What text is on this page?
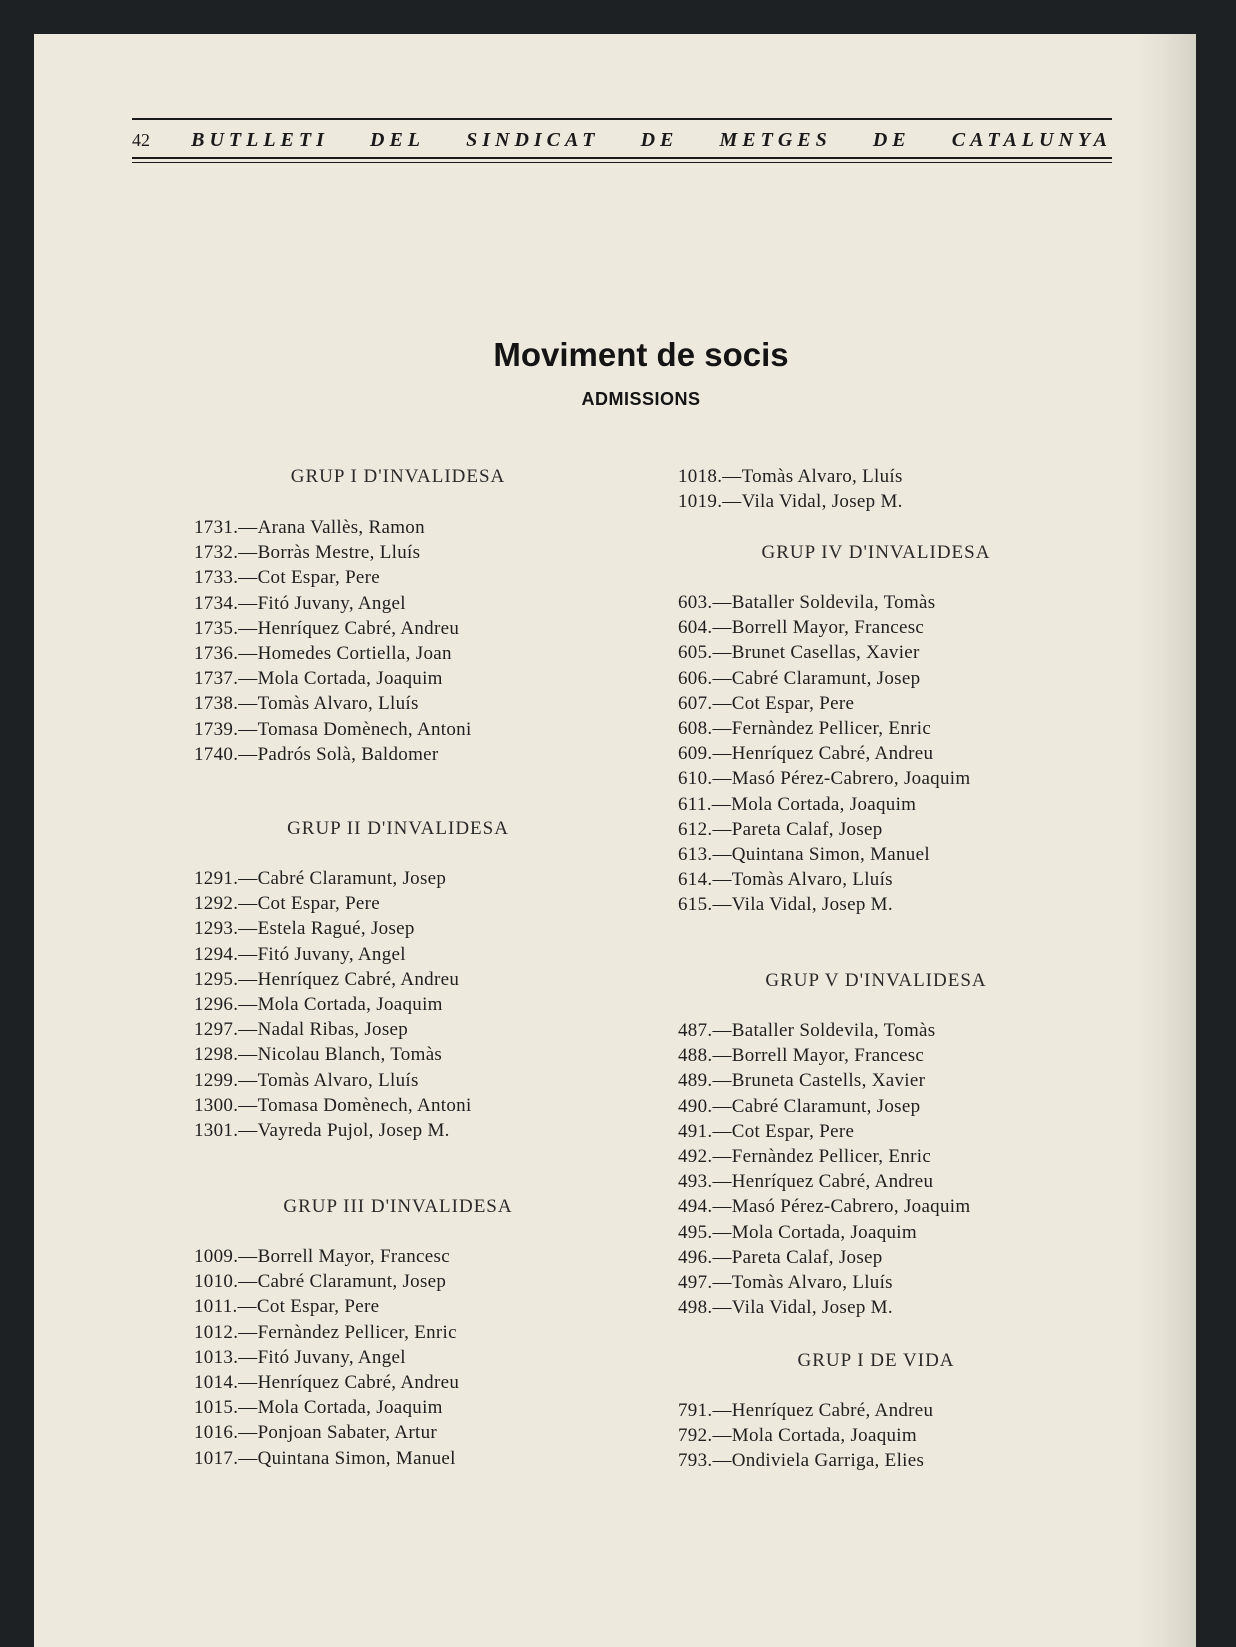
42 BUTLLETI DEL SINDICAT DE METGES DE CATALUNYA
Moviment de socis
ADMISSIONS
GRUP I D'INVALIDESA
1731.—Arana Vallès, Ramon
1732.—Borràs Mestre, Lluís
1733.—Cot Espar, Pere
1734.—Fitó Juvany, Angel
1735.—Henríquez Cabré, Andreu
1736.—Homedes Cortiella, Joan
1737.—Mola Cortada, Joaquim
1738.—Tomàs Alvaro, Lluís
1739.—Tomasa Domènech, Antoni
1740.—Padrós Solà, Baldomer
GRUP II D'INVALIDESA
1291.—Cabré Claramunt, Josep
1292.—Cot Espar, Pere
1293.—Estela Ragué, Josep
1294.—Fitó Juvany, Angel
1295.—Henríquez Cabré, Andreu
1296.—Mola Cortada, Joaquim
1297.—Nadal Ribas, Josep
1298.—Nicolau Blanch, Tomàs
1299.—Tomàs Alvaro, Lluís
1300.—Tomasa Domènech, Antoni
1301.—Vayreda Pujol, Josep M.
GRUP III D'INVALIDESA
1009.—Borrell Mayor, Francesc
1010.—Cabré Claramunt, Josep
1011.—Cot Espar, Pere
1012.—Fernàndez Pellicer, Enric
1013.—Fitó Juvany, Angel
1014.—Henríquez Cabré, Andreu
1015.—Mola Cortada, Joaquim
1016.—Ponjoan Sabater, Artur
1017.—Quintana Simon, Manuel
1018.—Tomàs Alvaro, Lluís
1019.—Vila Vidal, Josep M.
GRUP IV D'INVALIDESA
603.—Bataller Soldevila, Tomàs
604.—Borrell Mayor, Francesc
605.—Brunet Casellas, Xavier
606.—Cabré Claramunt, Josep
607.—Cot Espar, Pere
608.—Fernàndez Pellicer, Enric
609.—Henríquez Cabré, Andreu
610.—Masó Pérez-Cabrero, Joaquim
611.—Mola Cortada, Joaquim
612.—Pareta Calaf, Josep
613.—Quintana Simon, Manuel
614.—Tomàs Alvaro, Lluís
615.—Vila Vidal, Josep M.
GRUP V D'INVALIDESA
487.—Bataller Soldevila, Tomàs
488.—Borrell Mayor, Francesc
489.—Bruneta Castells, Xavier
490.—Cabré Claramunt, Josep
491.—Cot Espar, Pere
492.—Fernàndez Pellicer, Enric
493.—Henríquez Cabré, Andreu
494.—Masó Pérez-Cabrero, Joaquim
495.—Mola Cortada, Joaquim
496.—Pareta Calaf, Josep
497.—Tomàs Alvaro, Lluís
498.—Vila Vidal, Josep M.
GRUP I DE VIDA
791.—Henríquez Cabré, Andreu
792.—Mola Cortada, Joaquim
793.—Ondiviela Garriga, Elies
